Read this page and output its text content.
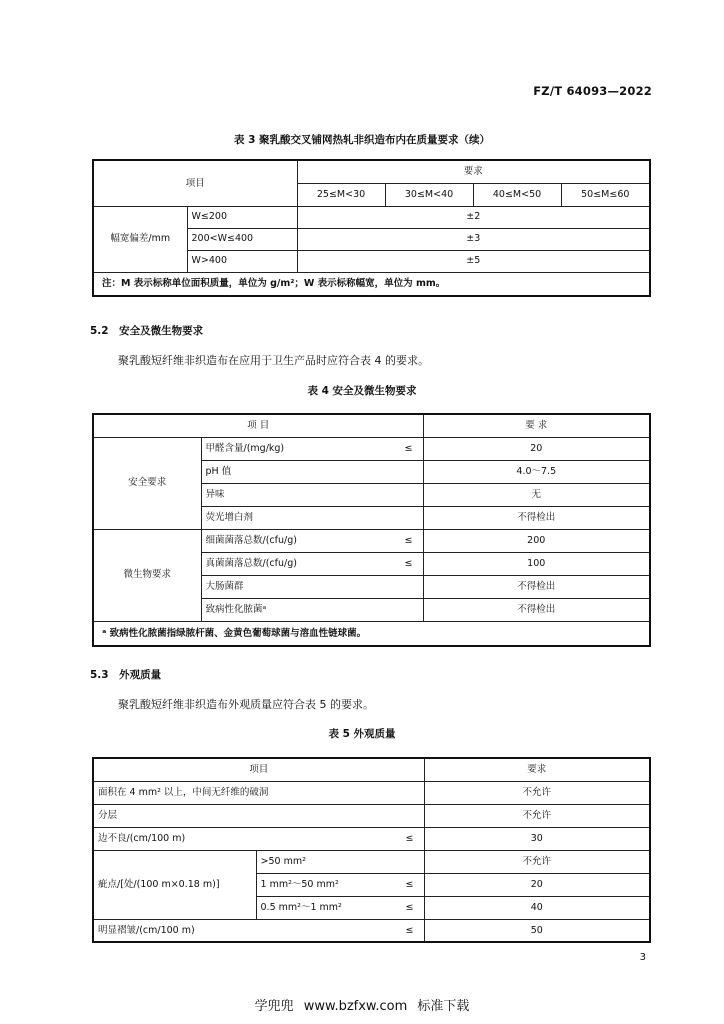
FZ/T 64093—2022
表 3 聚乳酸交叉铺网热轧非织造布内在质量要求（续）
项目		要求			
		25≤M<30	30≤M<40	40≤M<50	50≤M≤60
幅宽偏差/mm	W≤200	±2			
	200<W≤400	±3			
	W>400	±5			
注：M 表示标称单位面积质量，单位为 g/m²；W 表示标称幅宽，单位为 mm。					
5.2　安全及微生物要求
聚乳酸短纤维非织造布在应用于卫生产品时应符合表 4 的要求。
表 4 安全及微生物要求
项 目		要 求
安全要求	甲醛含量/(mg/kg) ≤	20
	pH 值	4.0～7.5
	异味	无
	荧光增白剂	不得检出
微生物要求	细菌菌落总数/(cfu/g) ≤	200
	真菌菌落总数/(cfu/g) ≤	100
	大肠菌群	不得检出
	致病性化脓菌ᵃ	不得检出
ᵃ 致病性化脓菌指绿脓杆菌、金黄色葡萄球菌与溶血性链球菌。		
5.3　外观质量
聚乳酸短纤维非织造布外观质量应符合表 5 的要求。
表 5 外观质量
项目		要求
面积在 4 mm² 以上，中间无纤维的破洞		不允许
分层		不允许
边不良/(cm/100 m) ≤		30
疵点/[处/(100 m×0.18 m)]	>50 mm²	不允许
	1 mm²～50 mm² ≤	20
	0.5 mm²～1 mm² ≤	40
明显褶皱/(cm/100 m) ≤		50
3
学兜兜 www.bzfxw.com 标准下载
